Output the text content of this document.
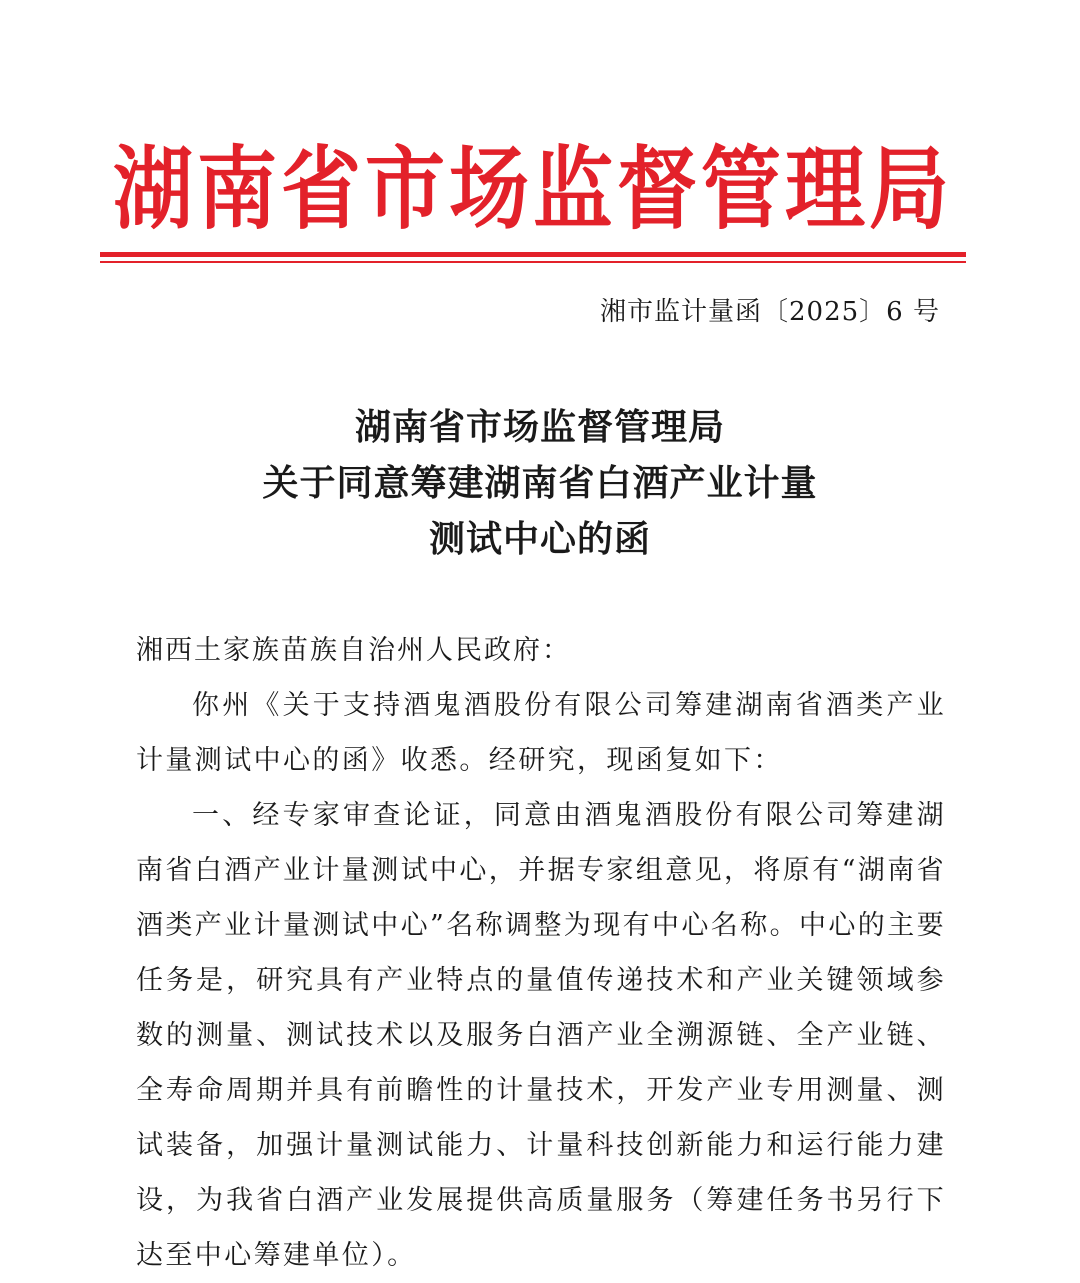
湖南省市场监督管理局
湘市监计量函〔2025〕6 号
湖南省市场监督管理局
关于同意筹建湖南省白酒产业计量
测试中心的函
湘西土家族苗族自治州人民政府：

你州《关于支持酒鬼酒股份有限公司筹建湖南省酒类产业计量测试中心的函》收悉。经研究，现函复如下：

一、经专家审查论证，同意由酒鬼酒股份有限公司筹建湖南省白酒产业计量测试中心，并据专家组意见，将原有“湖南省酒类产业计量测试中心”名称调整为现有中心名称。中心的主要任务是，研究具有产业特点的量值传递技术和产业关键领域参数的测量、测试技术以及服务白酒产业全溯源链、全产业链、全寿命周期并具有前瞻性的计量技术，开发产业专用测量、测试装备，加强计量测试能力、计量科技创新能力和运行能力建设，为我省白酒产业发展提供高质量服务（筹建任务书另行下达至中心筹建单位）。
